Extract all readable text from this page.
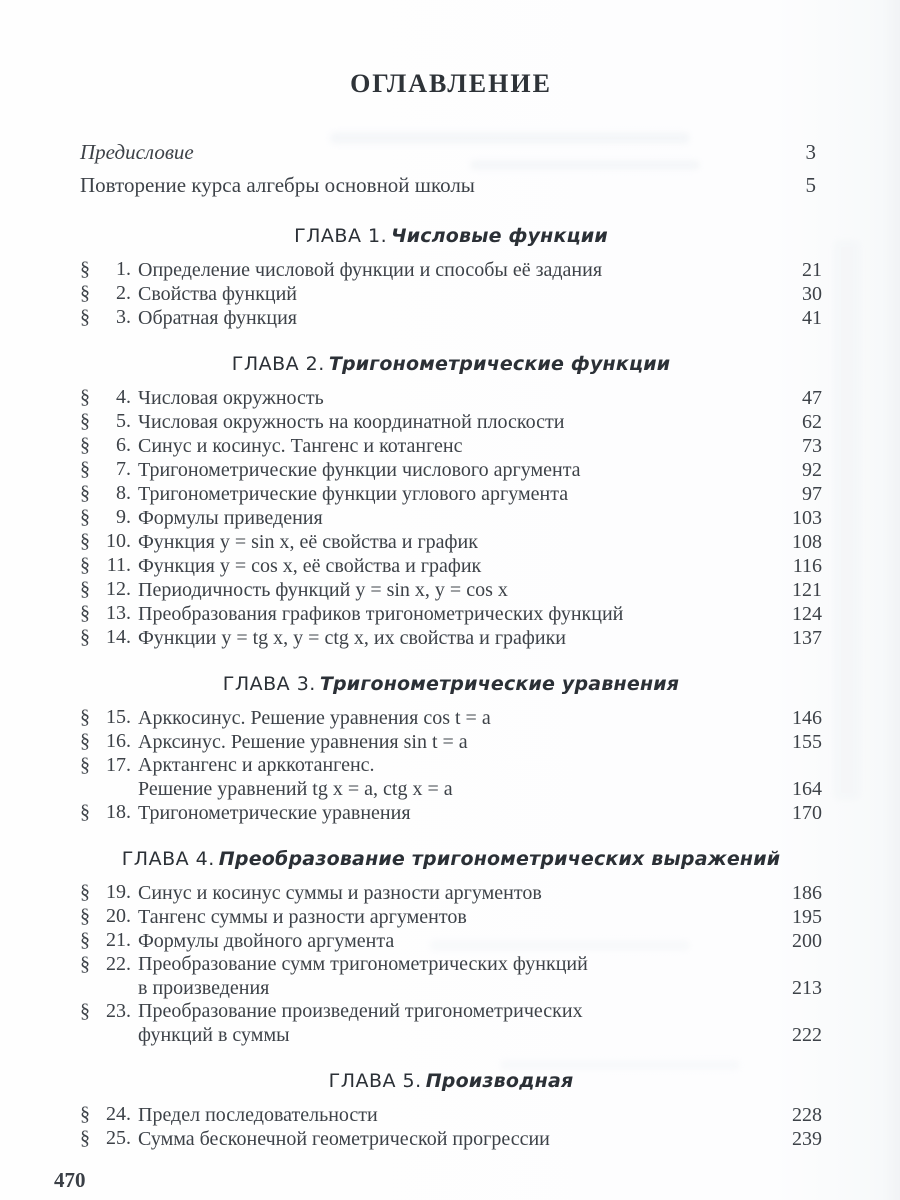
ОГЛАВЛЕНИЕ
Предисловие	3
Повторение курса алгебры основной школы	5
ГЛАВА 1. Числовые функции
§	1. Определение числовой функции и способы её задания	21
§	2. Свойства функций	30
§	3. Обратная функция	41
ГЛАВА 2. Тригонометрические функции
§	4. Числовая окружность	47
§	5. Числовая окружность на координатной плоскости	62
§	6. Синус и косинус. Тангенс и котангенс	73
§	7. Тригонометрические функции числового аргумента	92
§	8. Тригонометрические функции углового аргумента	97
§	9. Формулы приведения	103
§ 10. Функция y = sin x, её свойства и график	108
§ 11. Функция y = cos x, её свойства и график	116
§ 12. Периодичность функций y = sin x, y = cos x	121
§ 13. Преобразования графиков тригонометрических функций	124
§ 14. Функции y = tg x, y = ctg x, их свойства и графики	137
ГЛАВА 3. Тригонометрические уравнения
§ 15. Арккосинус. Решение уравнения cos t = a	146
§ 16. Арксинус. Решение уравнения sin t = a	155
§ 17. Арктангенс и арккотангенс.
Решение уравнений tg x = a, ctg x = a	164
§ 18. Тригонометрические уравнения	170
ГЛАВА 4. Преобразование тригонометрических выражений
§ 19. Синус и косинус суммы и разности аргументов	186
§ 20. Тангенс суммы и разности аргументов	195
§ 21. Формулы двойного аргумента	200
§ 22. Преобразование сумм тригонометрических функций
в произведения	213
§ 23. Преобразование произведений тригонометрических
функций в суммы	222
ГЛАВА 5. Производная
§ 24. Предел последовательности	228
§ 25. Сумма бесконечной геометрической прогрессии	239
470
